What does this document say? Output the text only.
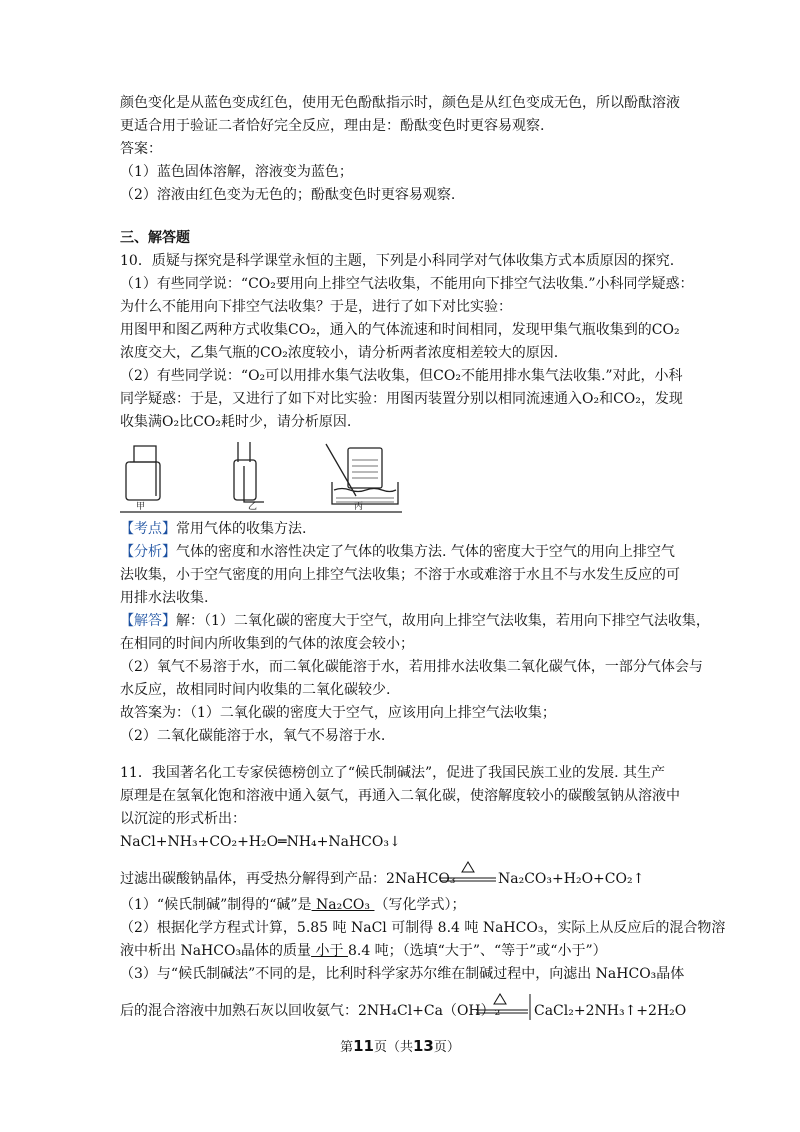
颜色变化是从蓝色变成红色，使用无色酚酞指示时，颜色是从红色变成无色，所以酚酞溶液
更适合用于验证二者恰好完全反应，理由是：酚酞变色时更容易观察.
答案：
（1）蓝色固体溶解，溶液变为蓝色；
（2）溶液由红色变为无色的；酚酞变色时更容易观察.
三、解答题
10．质疑与探究是科学课堂永恒的主题，下列是小科同学对气体收集方式本质原因的探究.
（1）有些同学说：“CO₂要用向上排空气法收集，不能用向下排空气法收集.”小科同学疑惑：
为什么不能用向下排空气法收集？于是，进行了如下对比实验：
用图甲和图乙两种方式收集CO₂，通入的气体流速和时间相同，发现甲集气瓶收集到的CO₂
浓度交大，乙集气瓶的CO₂浓度较小，请分析两者浓度相差较大的原因.
（2）有些同学说：“O₂可以用排水集气法收集，但CO₂不能用排水集气法收集.”对此，小科
同学疑惑：于是，又进行了如下对比实验：用图丙装置分别以相同流速通入O₂和CO₂，发现
收集满O₂比CO₂耗时少，请分析原因.
甲	乙	丙
【考点】常用气体的收集方法.
【分析】气体的密度和水溶性决定了气体的收集方法. 气体的密度大于空气的用向上排空气
法收集，小于空气密度的用向上排空气法收集；不溶于水或难溶于水且不与水发生反应的可
用排水法收集.
【解答】解：（1）二氧化碳的密度大于空气，故用向上排空气法收集，若用向下排空气法收集，
在相同的时间内所收集到的气体的浓度会较小；
（2）氧气不易溶于水，而二氧化碳能溶于水，若用排水法收集二氧化碳气体，一部分气体会与
水反应，故相同时间内收集的二氧化碳较少.
故答案为：（1）二氧化碳的密度大于空气，应该用向上排空气法收集；
（2）二氧化碳能溶于水，氧气不易溶于水.
11．我国著名化工专家侯德榜创立了“候氏制碱法”，促进了我国民族工业的发展. 其生产
原理是在氢氧化饱和溶液中通入氨气，再通入二氧化碳，使溶解度较小的碳酸氢钠从溶液中
以沉淀的形式析出：
NaCl+NH₃+CO₂+H₂O═NH₄+NaHCO₃↓
过滤出碳酸钠晶体，再受热分解得到产品：2NaHCO₃	Na₂CO₃+H₂O+CO₂↑
（1）“候氏制碱”制得的“碱”是 Na₂CO₃ （写化学式）；
（2）根据化学方程式计算，5.85 吨 NaCl 可制得 8.4 吨 NaHCO₃，实际上从反应后的混合物溶
液中析出 NaHCO₃晶体的质量 小于 8.4 吨；（选填“大于”、“等于”或“小于”）
（3）与“候氏制碱法”不同的是，比利时科学家苏尔维在制碱过程中，向滤出 NaHCO₃晶体
后的混合溶液中加熟石灰以回收氨气：2NH₄Cl+Ca（OH）₂ CaCl₂+2NH₃↑+2H₂O
第11页（共13页）
